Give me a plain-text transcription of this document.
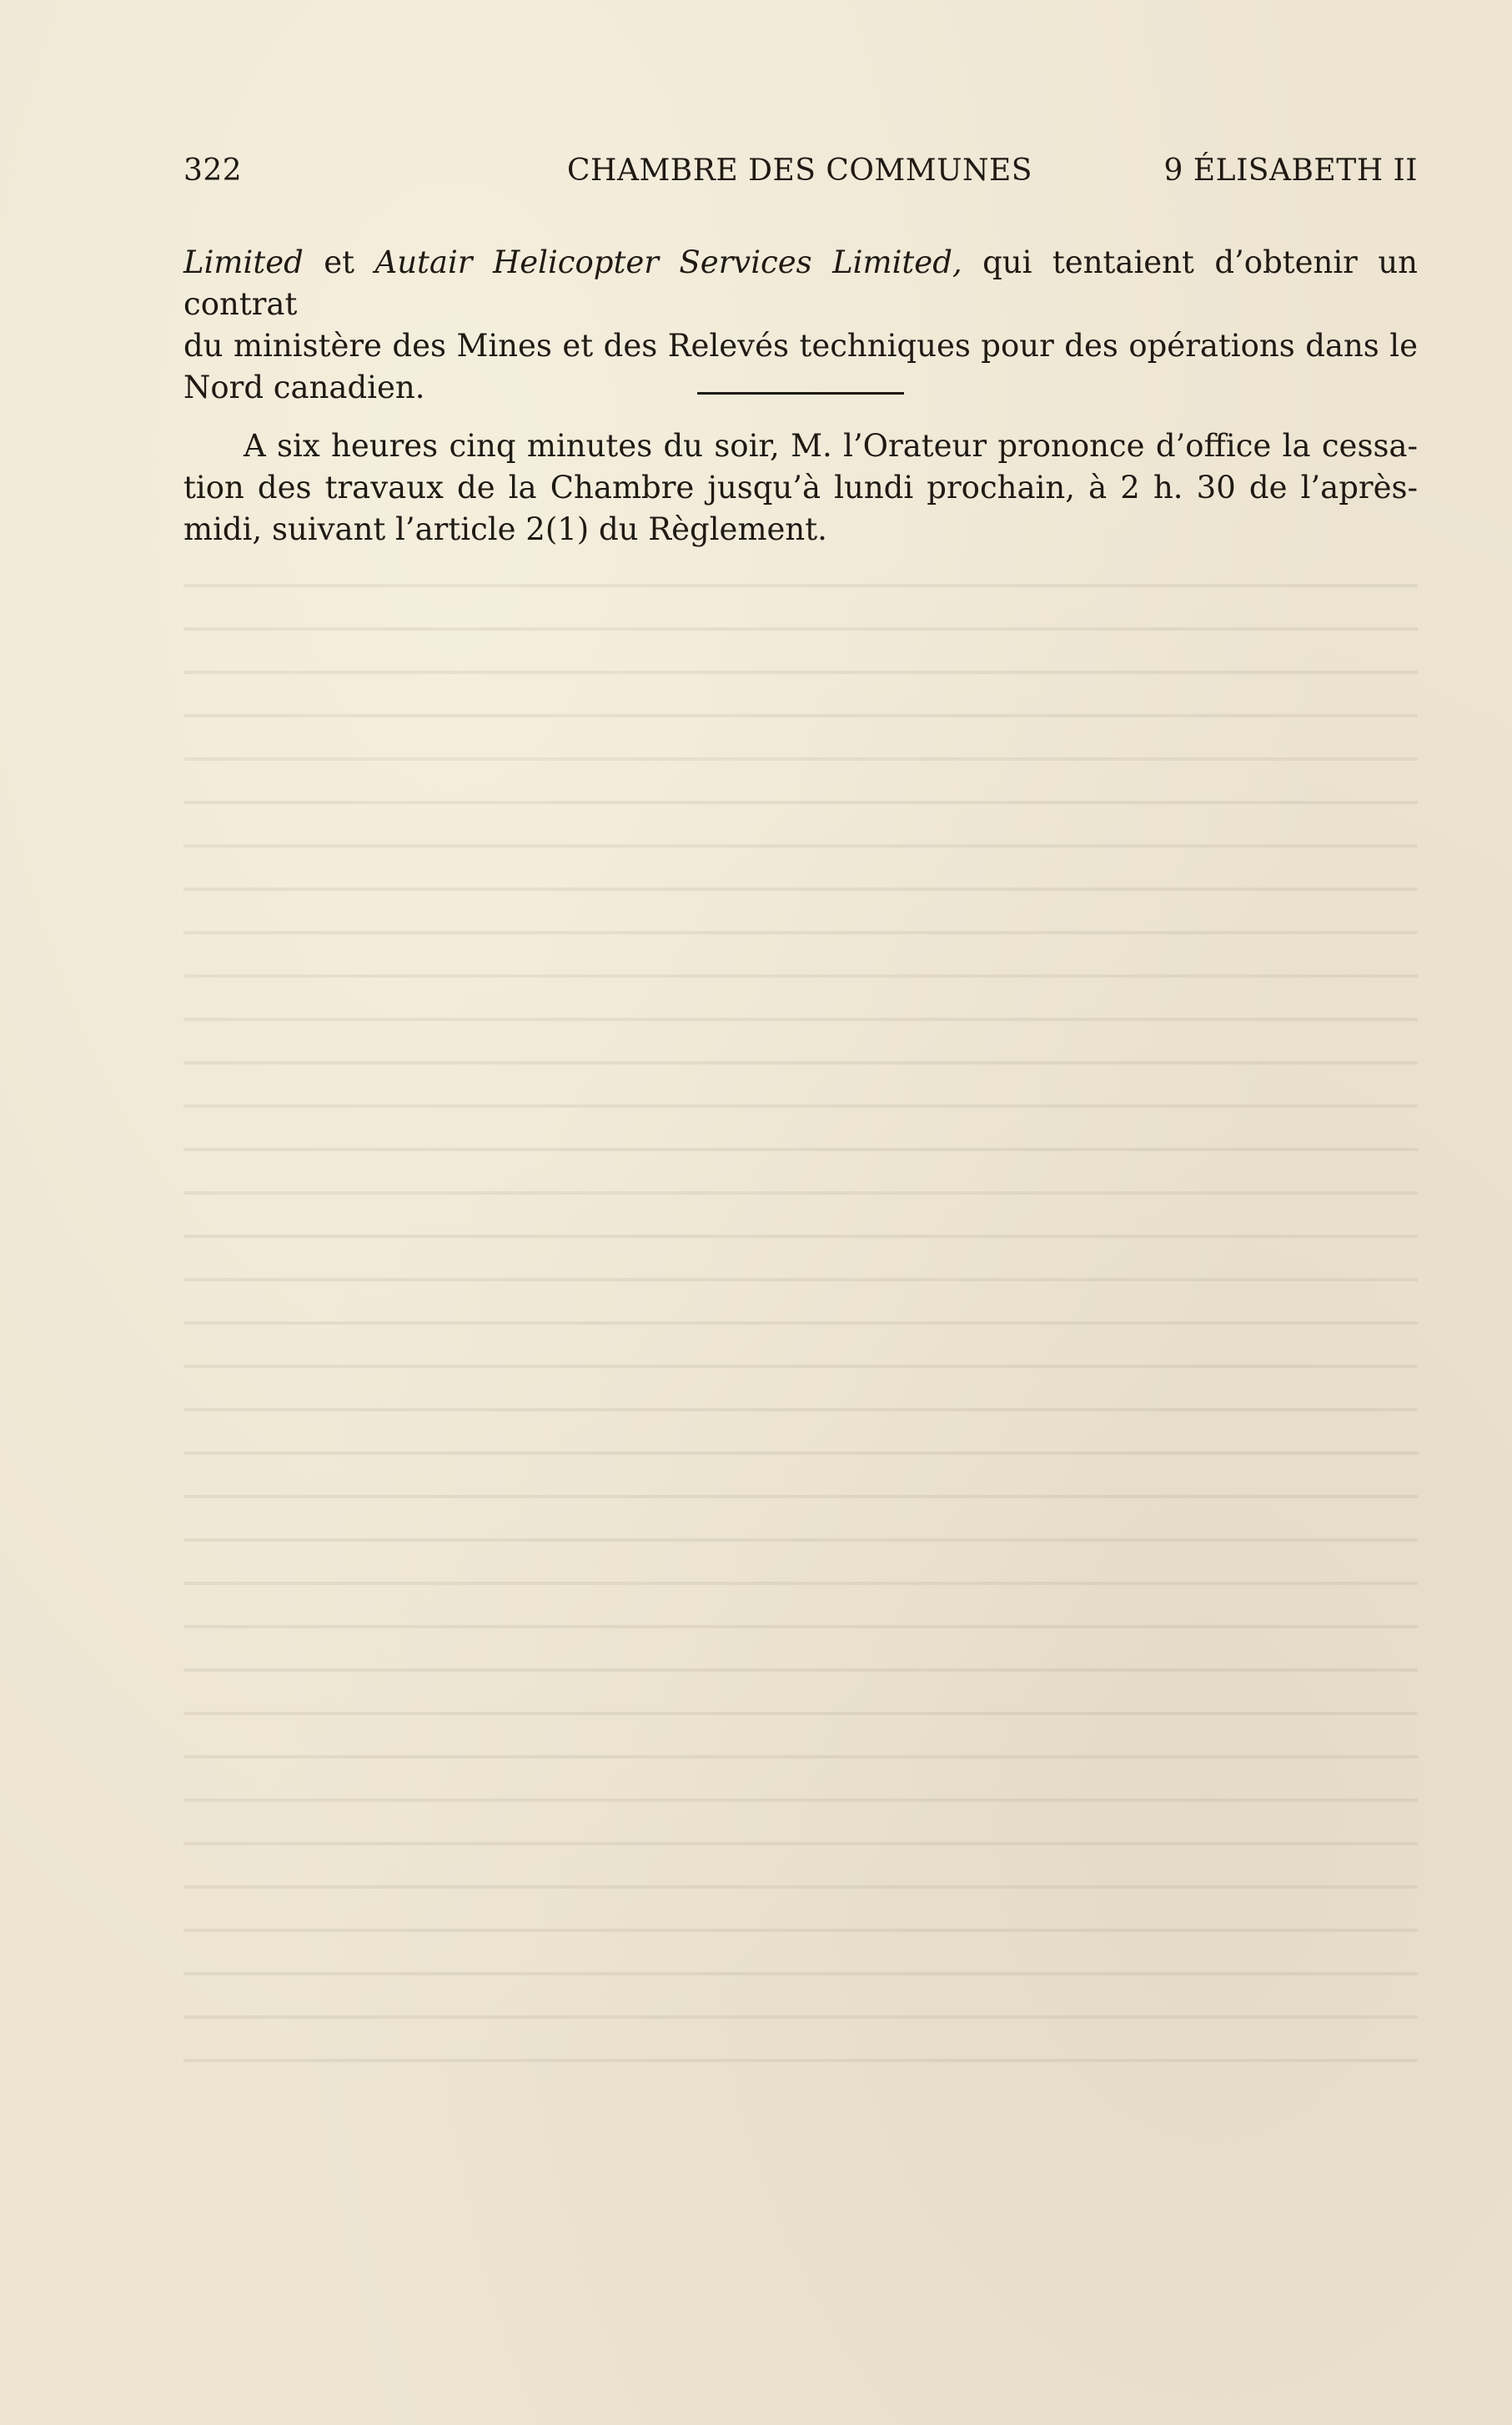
322	CHAMBRE DES COMMUNES	9 ÉLISABETH II
Limited et Autair Helicopter Services Limited, qui tentaient d’obtenir un contrat
du ministère des Mines et des Relevés techniques pour des opérations dans le
Nord canadien.
A six heures cinq minutes du soir, M. l’Orateur prononce d’office la cessa-
tion des travaux de la Chambre jusqu’à lundi prochain, à 2 h. 30 de l’après-
midi, suivant l’article 2(1) du Règlement.
